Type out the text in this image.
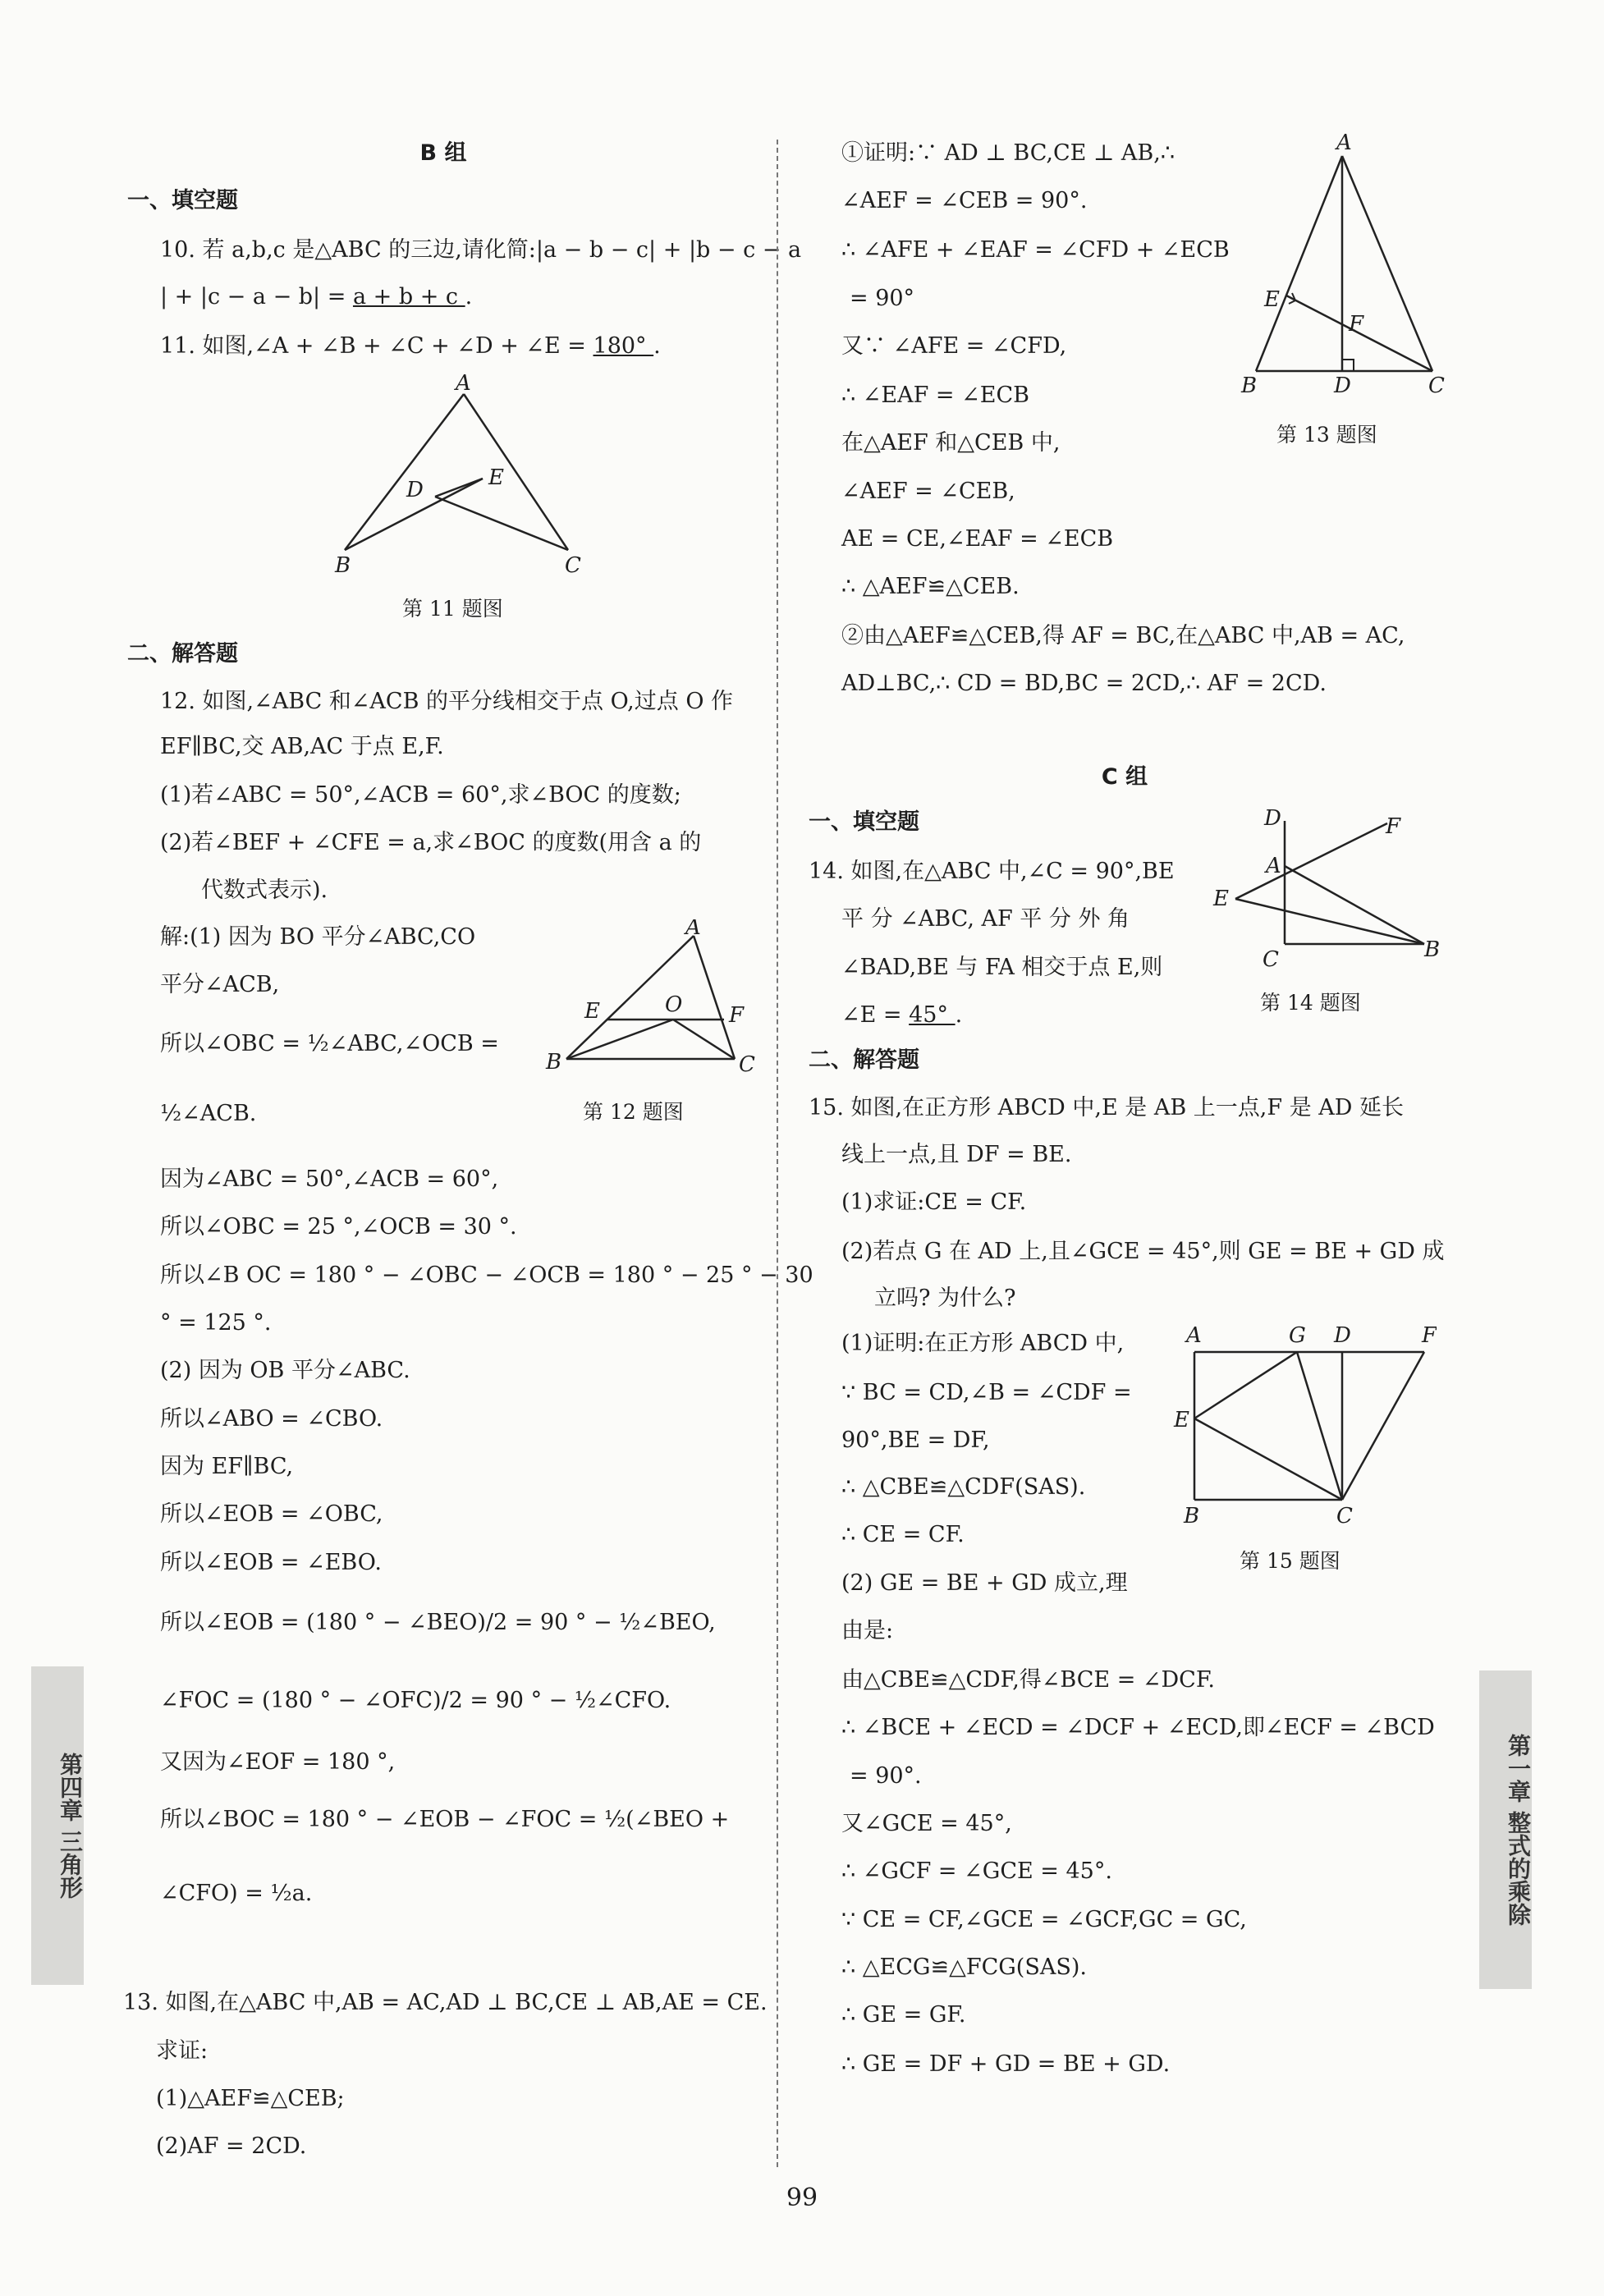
B 组
一、填空题
10. 若 a,b,c 是△ABC 的三边,请化简:|a − b − c| + |b − c − a
| + |c − a − b| = a + b + c .
11. 如图,∠A + ∠B + ∠C + ∠D + ∠E = 180° .
A
B	C
D	E
第 11 题图
二、解答题
12. 如图,∠ABC 和∠ACB 的平分线相交于点 O,过点 O 作
EF∥BC,交 AB,AC 于点 E,F.
(1)若∠ABC = 50°,∠ACB = 60°,求∠BOC 的度数;
(2)若∠BEF + ∠CFE = a,求∠BOC 的度数(用含 a 的
代数式表示).
解:(1) 因为 BO 平分∠ABC,CO
平分∠ACB,
所以∠OBC = ½∠ABC,∠OCB =
½∠ACB.
A
B	C
E	O F
第 12 题图
因为∠ABC = 50°,∠ACB = 60°,
所以∠OBC = 25 °,∠OCB = 30 °.
所以∠B OC = 180 ° − ∠OBC − ∠OCB = 180 ° − 25 ° − 30
° = 125 °.
(2) 因为 OB 平分∠ABC.
所以∠ABO = ∠CBO.
因为 EF∥BC,
所以∠EOB = ∠OBC,
所以∠EOB = ∠EBO.
所以∠EOB = (180 ° − ∠BEO)/2 = 90 ° − ½∠BEO,
∠FOC = (180 ° − ∠OFC)/2 = 90 ° − ½∠CFO.
又因为∠EOF = 180 °,
所以∠BOC = 180 ° − ∠EOB − ∠FOC = ½(∠BEO +
∠CFO) = ½a.
13. 如图,在△ABC 中,AB = AC,AD ⊥ BC,CE ⊥ AB,AE = CE.
求证:
(1)△AEF≌△CEB;
(2)AF = 2CD.
①证明:∵ AD ⊥ BC,CE ⊥ AB,∴
∠AEF = ∠CEB = 90°.
∴ ∠AFE + ∠EAF = ∠CFD + ∠ECB
= 90°
又∵ ∠AFE = ∠CFD,
∴ ∠EAF = ∠ECB
在△AEF 和△CEB 中,
∠AEF = ∠CEB,
AE = CE,∠EAF = ∠ECB
∴ △AEF≌△CEB.
②由△AEF≌△CEB,得 AF = BC,在△ABC 中,AB = AC,
AD⊥BC,∴ CD = BD,BC = 2CD,∴ AF = 2CD.
A
B	C
D
E
F
第 13 题图
C 组
一、填空题
14. 如图,在△ABC 中,∠C = 90°,BE
平 分 ∠ABC, AF 平 分 外 角
∠BAD,BE 与 FA 相交于点 E,则
∠E = 45° .
D	F
A
E
C	B
第 14 题图
二、解答题
15. 如图,在正方形 ABCD 中,E 是 AB 上一点,F 是 AD 延长
线上一点,且 DF = BE.
(1)求证:CE = CF.
(2)若点 G 在 AD 上,且∠GCE = 45°,则 GE = BE + GD 成
立吗? 为什么?
(1)证明:在正方形 ABCD 中,
∵ BC = CD,∠B = ∠CDF =
90°,BE = DF,
∴ △CBE≌△CDF(SAS).
∴ CE = CF.
(2) GE = BE + GD 成立,理
由是:
A	G D	F
E
B	C
第 15 题图
由△CBE≌△CDF,得∠BCE = ∠DCF.
∴ ∠BCE + ∠ECD = ∠DCF + ∠ECD,即∠ECF = ∠BCD
= 90°.
又∠GCE = 45°,
∴ ∠GCF = ∠GCE = 45°.
∵ CE = CF,∠GCE = ∠GCF,GC = GC,
∴ △ECG≌△FCG(SAS).
∴ GE = GF.
∴ GE = DF + GD = BE + GD.
第四章 三角形	第一章 整式的乘除
99
